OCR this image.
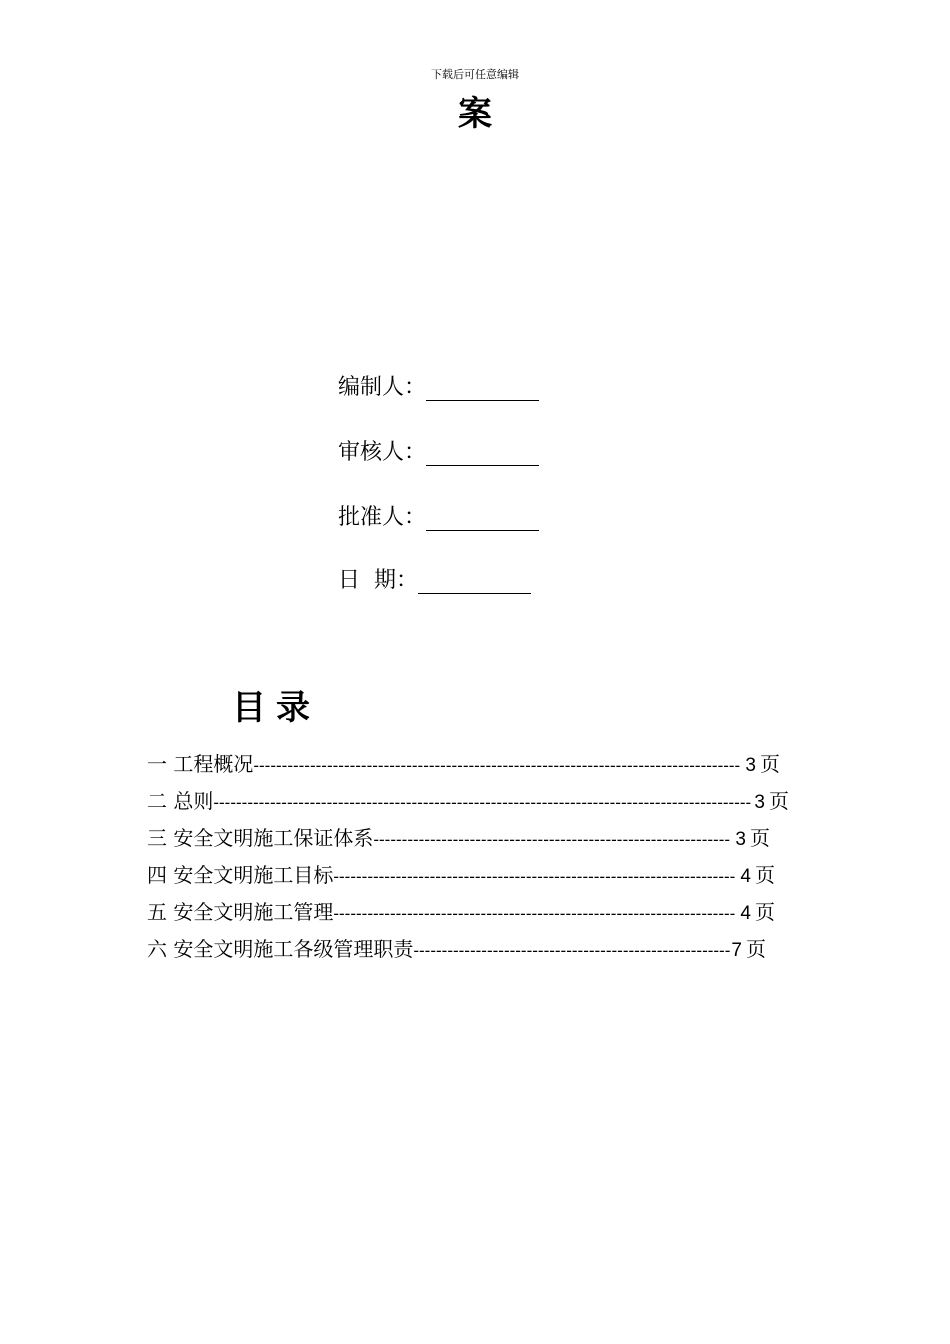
下载后可任意编辑
案
编制人：
审核人：
批准人：
日  期：
目录
一 工程概况 -------------------------------------------------------------------------------------- 3 页
二 总则 ----------------------------------------------------------------------------------------------- 3 页
三 安全文明施工保证体系 --------------------------------------------------------------- 3 页
四 安全文明施工目标 ----------------------------------------------------------------------- 4 页
五 安全文明施工管理 ----------------------------------------------------------------------- 4 页
六 安全文明施工各级管理职责 -------------------------------------------------------- 7 页
